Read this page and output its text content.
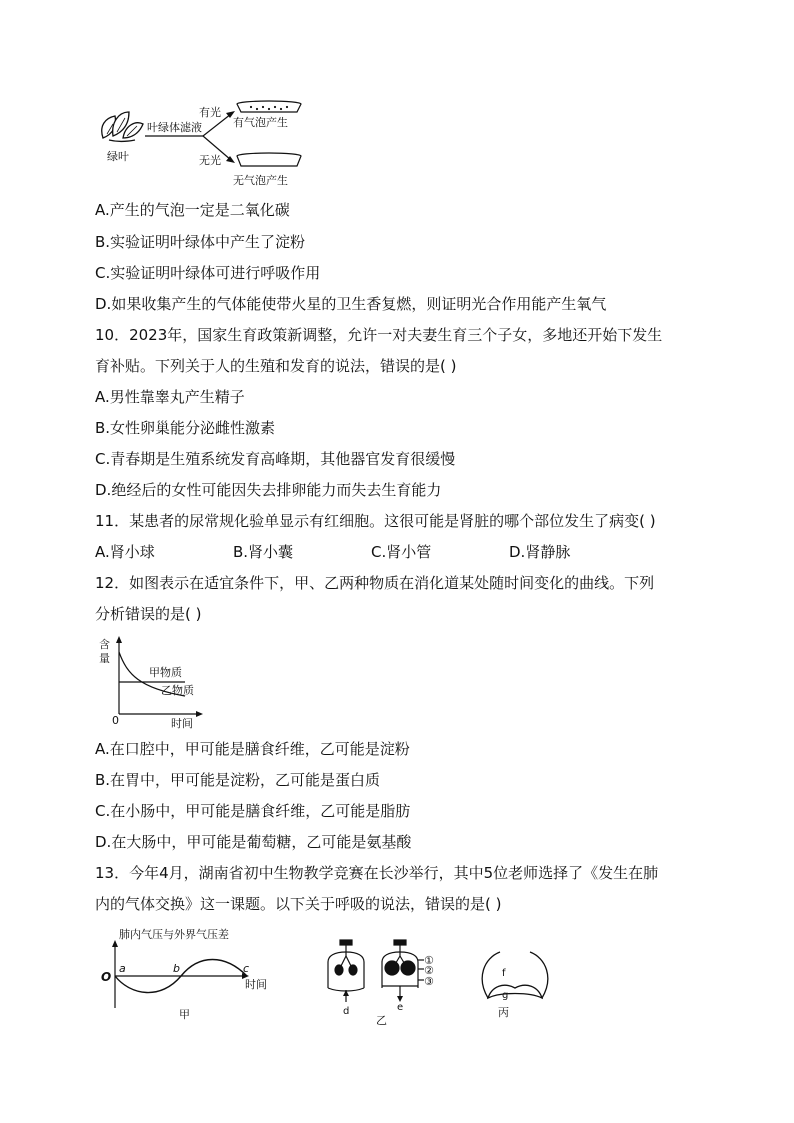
绿叶
叶绿体滤液
有光
无光
有气泡产生
无气泡产生
A.产生的气泡一定是二氧化碳
B.实验证明叶绿体中产生了淀粉
C.实验证明叶绿体可进行呼吸作用
D.如果收集产生的气体能使带火星的卫生香复燃，则证明光合作用能产生氧气
10．2023年，国家生育政策新调整，允许一对夫妻生育三个子女，多地还开始下发生
育补贴。下列关于人的生殖和发育的说法，错误的是( )
A.男性靠睾丸产生精子
B.女性卵巢能分泌雌性激素
C.青春期是生殖系统发育高峰期，其他器官发育很缓慢
D.绝经后的女性可能因失去排卵能力而失去生育能力
11．某患者的尿常规化验单显示有红细胞。这很可能是肾脏的哪个部位发生了病变( )
A.肾小球	B.肾小囊	C.肾小管	D.肾静脉
12．如图表示在适宜条件下，甲、乙两种物质在消化道某处随时间变化的曲线。下列
分析错误的是( )
含
量
甲物质
乙物质
0	时间
A.在口腔中，甲可能是膳食纤维，乙可能是淀粉
B.在胃中，甲可能是淀粉，乙可能是蛋白质
C.在小肠中，甲可能是膳食纤维，乙可能是脂肪
D.在大肠中，甲可能是葡萄糖，乙可能是氨基酸
13．今年4月，湖南省初中生物教学竞赛在长沙举行，其中5位老师选择了《发生在肺
内的气体交换》这一课题。以下关于呼吸的说法，错误的是( )
肺内气压与外界气压差
O
a	b	c
时间
甲	d
①
②
③
e
乙
f
g
丙
